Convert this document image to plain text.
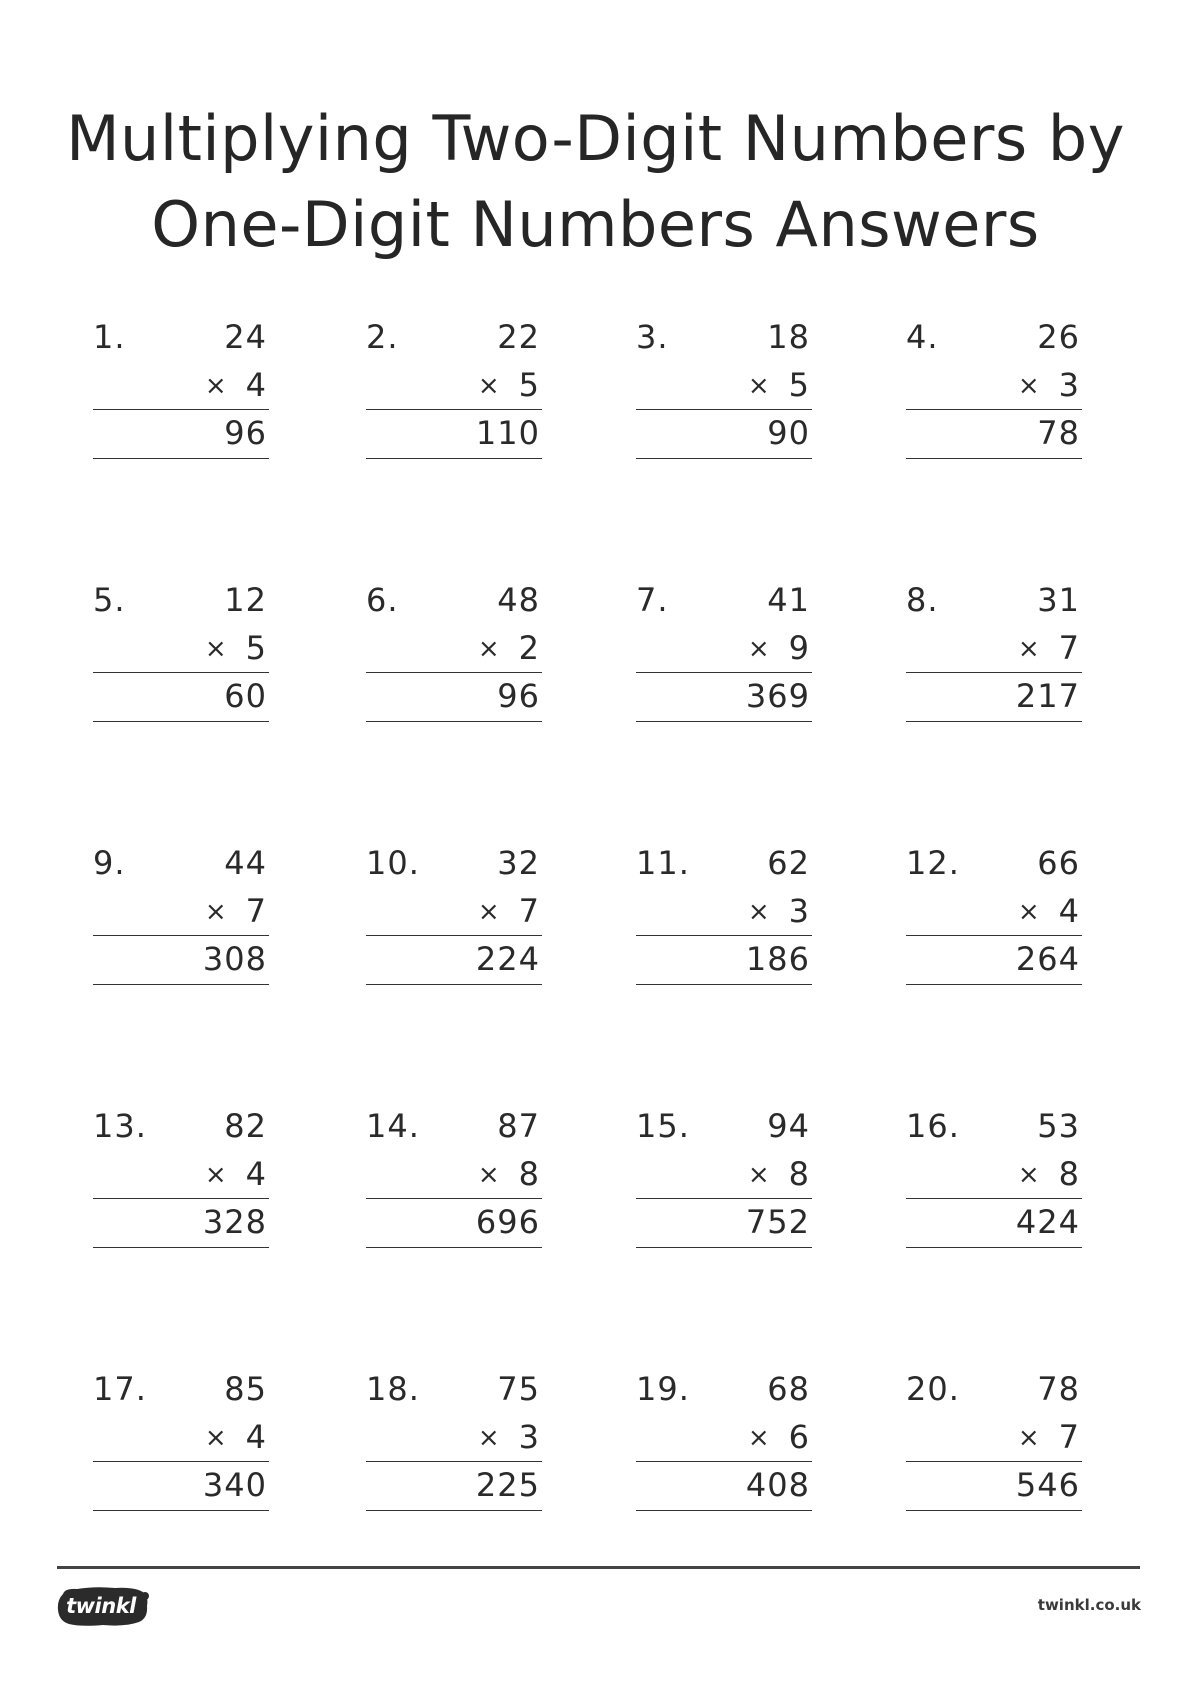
Multiplying Two-Digit Numbers by
One-Digit Numbers Answers
1.	24
× 4
96
2.	22
× 5
110
3.	18
× 5
90
4.	26
× 3
78
5.	12
× 5
60
6.	48
× 2
96
7.	41
× 9
369
8.	31
× 7
217
9.	44
× 7
308
10. 32
× 7
224
11. 62
× 3
186
12. 66
× 4
264
13. 82
× 4
328
14. 87
× 8
696
15. 94
× 8
752
16. 53
× 8
424
17. 85
× 4
340
18. 75
× 3
225
19. 68
× 6
408
20. 78
× 7
546
twinkl	twinkl.co.uk
